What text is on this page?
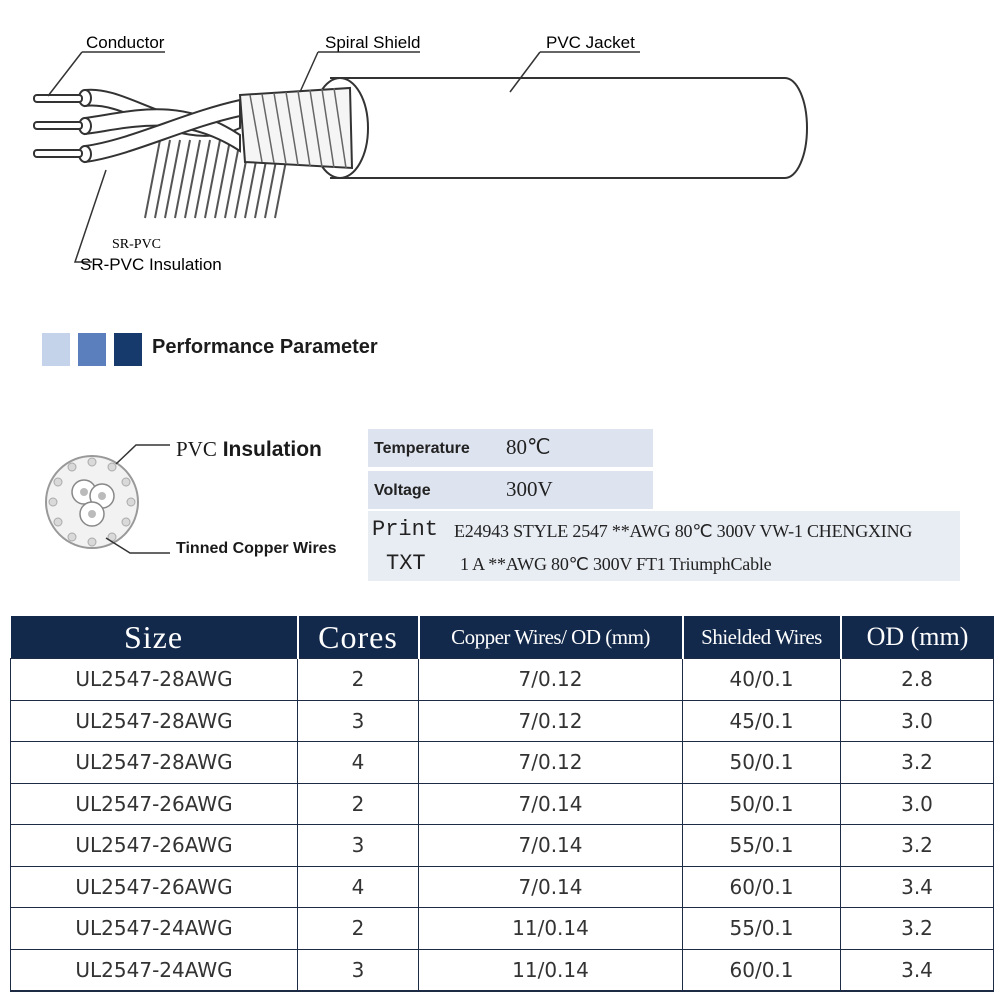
Conductor	Spiral Shield	PVC Jacket
SR-PVC
SR-PVC Insulation
Performance Parameter
PVC Insulation
Tinned Copper Wires
Temperature 80℃
Voltage	300V
Print E24943 STYLE 2547 **AWG 80℃ 300V VW-1 CHENGXING
TXT 1 A **AWG 80℃ 300V FT1 TriumphCable
Size	Cores	Copper Wires/ OD (mm)	Shielded Wires	OD (mm)
UL2547-28AWG	2	7/0.12	40/0.1	2.8
UL2547-28AWG	3	7/0.12	45/0.1	3.0
UL2547-28AWG	4	7/0.12	50/0.1	3.2
UL2547-26AWG	2	7/0.14	50/0.1	3.0
UL2547-26AWG	3	7/0.14	55/0.1	3.2
UL2547-26AWG	4	7/0.14	60/0.1	3.4
UL2547-24AWG	2	11/0.14	55/0.1	3.2
UL2547-24AWG	3	11/0.14	60/0.1	3.4
